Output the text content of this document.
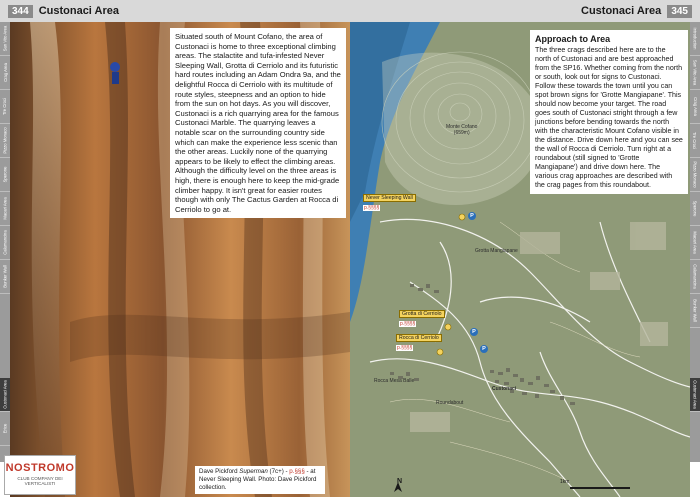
344 Custonaci Area
San Vito Area
Crag Area
Tre Croci
Pizzo Monaco
Sperone
Macari Area
Calamancina
Bunker Wall
Custonaci Area
Erice

Situated south of Mount Cofano, the area of Custonaci is home to three exceptional climbing areas. The stalactite and tufa-infested Never Sleeping Wall, Grotta di Cerriolo and its futuristic hard routes including an Adam Ondra 9a, and the delightful Rocca di Cerriolo with its multitude of route styles, steepness and an option to hide from the sun on hot days. As you will discover, Custonaci is a rich quarrying area for the famous Custonaci Marble. The quarrying leaves a notable scar on the surrounding country side which can make the experience less scenic than the other areas. Luckily none of the quarrying appears to be likely to effect the climbing areas. Although the difficulty level on the three areas is high, there is enough here to keep the mid-grade climber happy. It isn't great for easier routes though with only The Cactus Garden at Rocca di Cerriolo to go at.

Dave Pickford Superman (7c+) - p.§§§ - at Never Sleeping Wall. Photo: Dave Pickford collection.
NOSTROMO
CLUB COMPANY DEI VERTICALISTI
Custonaci Area	345
Introduction
San Vito Area
Crag Area
Tre Croci
Pizzo Monaco
Sperone
Macari Area
Calamancina
Bunker Wall
Custonaci Area
Approach to Area

The three crags described here are to the north of Custonaci and are best approached from the SP16. Whether coming from the north or south, look out for signs to Custonaci. Follow these towards the town until you can spot brown signs for 'Grotte Mangiapane'. This should now become your target. The road goes south of Custonaci stright through a few junctions before bending towards the north with the characteristic Mount Cofano visible in the distance. Drive down here and you can see the wall of Rocca di Cerriolo. Turn right at a roundabout (still signed to 'Grotte Mangiapane') and drive down here. The various crag approaches are described with the crag pages from this roundabout.

Monte Cofano
(659m)
Never Sleeping Wall
p.§§§§
Grotta Mangiapane
Grotta di Cerriolo
p.§§§§
Rocca di Cerriolo
p.§§§§
Rocca Mesa Balle
Roundabout
Custonaci
P
P
P
N	1km
